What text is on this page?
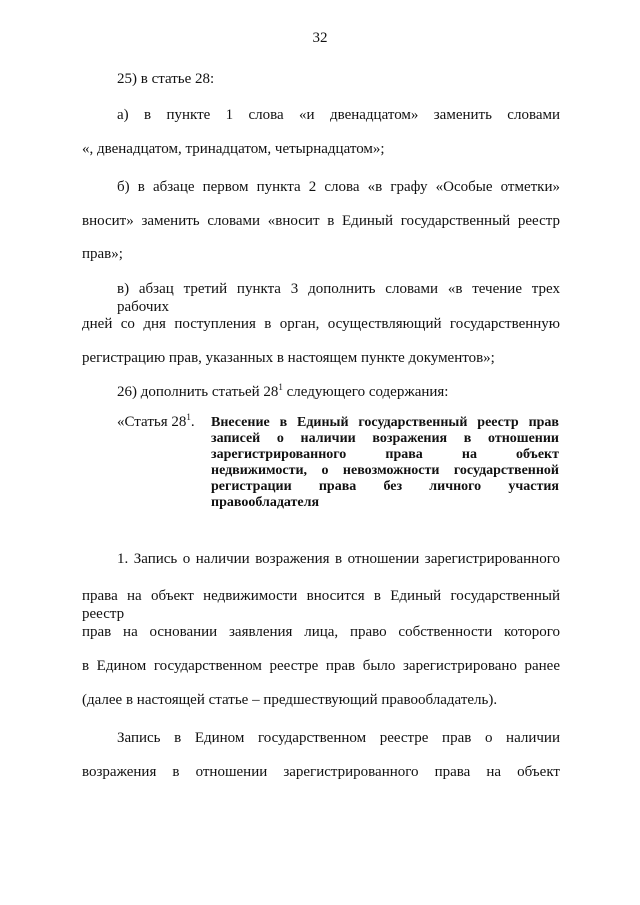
32
25) в статье 28:
а) в пункте 1 слова «и двенадцатом» заменить словами
«, двенадцатом, тринадцатом, четырнадцатом»;
б) в абзаце первом пункта 2 слова «в графу «Особые отметки»
вносит» заменить словами «вносит в Единый государственный реестр
прав»;
в) абзац третий пункта 3 дополнить словами «в течение трех рабочих
дней со дня поступления в орган, осуществляющий государственную
регистрацию прав, указанных в настоящем пункте документов»;
26) дополнить статьей $28^1$ следующего содержания:
«Статья $28^1$. Внесение в Единый государственный реестр прав
записей о наличии возражения в отношении
зарегистрированного права на объект
недвижимости, о невозможности государственной
регистрации права без личного участия
правообладателя
1. Запись о наличии возражения в отношении зарегистрированного
права на объект недвижимости вносится в Единый государственный реестр
прав на основании заявления лица, право собственности которого
в Едином государственном реестре прав было зарегистрировано ранее
(далее в настоящей статье – предшествующий правообладатель).
Запись в Едином государственном реестре прав о наличии
возражения в отношении зарегистрированного права на объект
